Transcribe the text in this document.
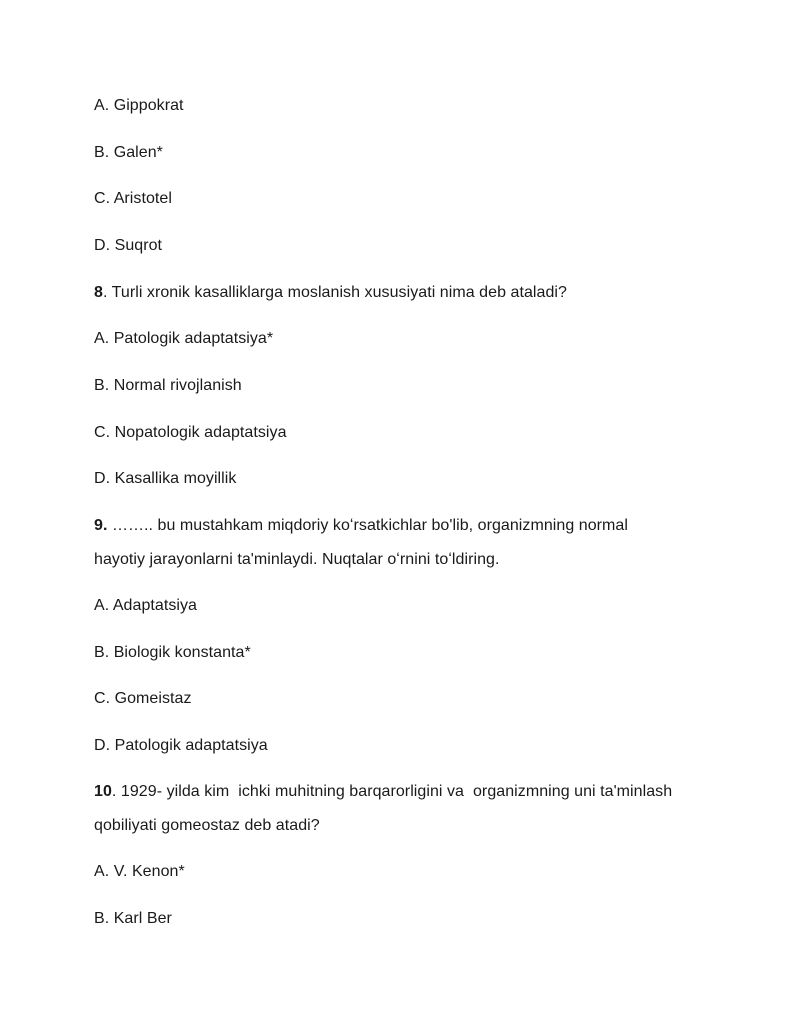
A. Gippokrat
B. Galen*
C. Aristotel
D. Suqrot
8. Turli xronik kasalliklarga moslanish xususiyati nima deb ataladi?
A. Patologik adaptatsiya*
B. Normal rivojlanish
C. Nopatologik adaptatsiya
D. Kasallika moyillik
9. …….. bu mustahkam miqdoriy koʻrsatkichlar bo'lib, organizmning normal
hayotiy jarayonlarni ta'minlaydi. Nuqtalar oʻrnini toʻldiring.
A. Adaptatsiya
B. Biologik konstanta*
C. Gomeistaz
D. Patologik adaptatsiya
10. 1929- yilda kim  ichki muhitning barqarorligini va  organizmning uni ta'minlash
qobiliyati gomeostaz deb atadi?
A. V. Kenon*
B. Karl Ber
